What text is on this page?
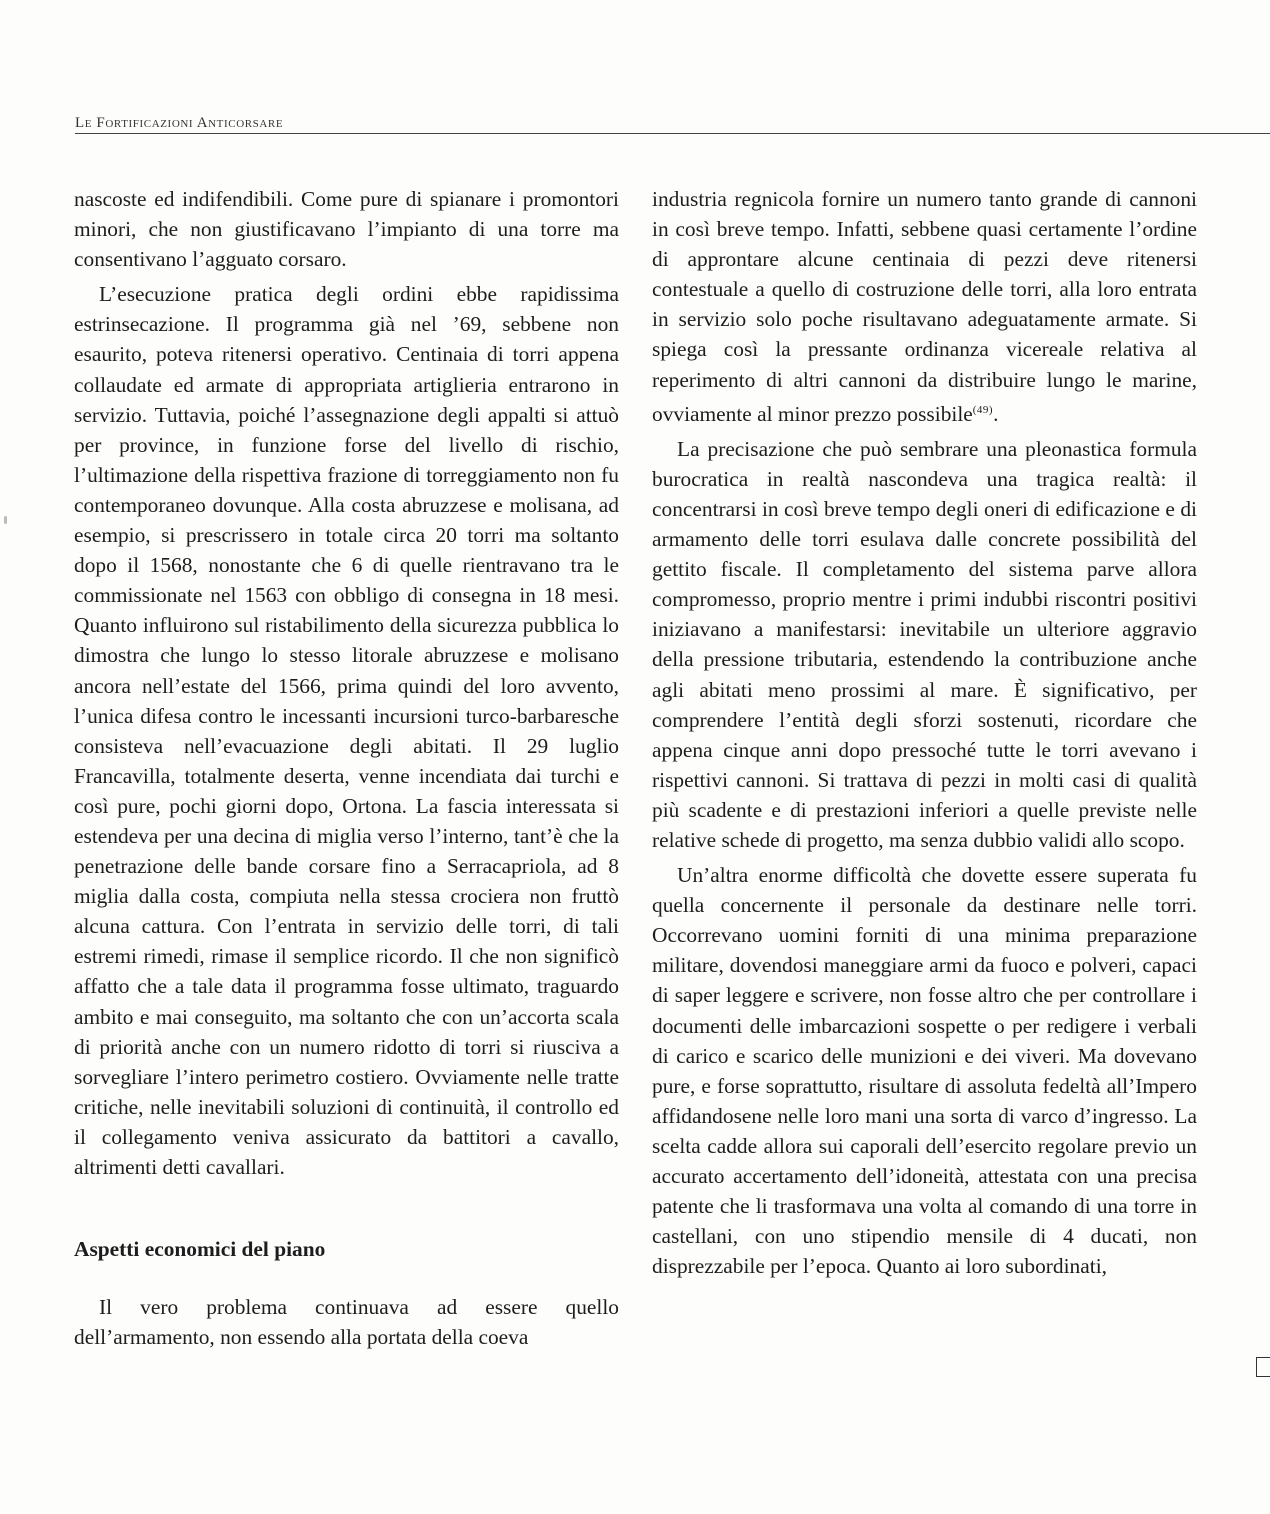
Le Fortificazioni Anticorsare

nascoste ed indifendibili. Come pure di spianare i promontori minori, che non giustificavano l’impianto di una torre ma consentivano l’agguato corsaro.

L’esecuzione pratica degli ordini ebbe rapidissima estrinsecazione. Il programma già nel ’69, sebbene non esaurito, poteva ritenersi operativo. Centinaia di torri appena collaudate ed armate di appropriata artiglieria entrarono in servizio. Tuttavia, poiché l’assegnazione degli appalti si attuò per province, in funzione forse del livello di rischio, l’ultimazione della rispettiva frazione di torreggiamento non fu contemporaneo dovunque. Alla costa abruzzese e molisana, ad esempio, si prescrissero in totale circa 20 torri ma soltanto dopo il 1568, nonostante che 6 di quelle rientravano tra le commissionate nel 1563 con obbligo di consegna in 18 mesi. Quanto influirono sul ristabilimento della sicurezza pubblica lo dimostra che lungo lo stesso litorale abruzzese e molisano ancora nell’estate del 1566, prima quindi del loro avvento, l’unica difesa contro le incessanti incursioni turco-barbaresche consisteva nell’evacuazione degli abitati. Il 29 luglio Francavilla, totalmente deserta, venne incendiata dai turchi e così pure, pochi giorni dopo, Ortona. La fascia interessata si estendeva per una decina di miglia verso l’interno, tant’è che la penetrazione delle bande corsare fino a Serracapriola, ad 8 miglia dalla costa, compiuta nella stessa crociera non fruttò alcuna cattura. Con l’entrata in servizio delle torri, di tali estremi rimedi, rimase il semplice ricordo. Il che non significò affatto che a tale data il programma fosse ultimato, traguardo ambito e mai conseguito, ma soltanto che con un’accorta scala di priorità anche con un numero ridotto di torri si riusciva a sorvegliare l’intero perimetro costiero. Ovviamente nelle tratte critiche, nelle inevitabili soluzioni di continuità, il controllo ed il collegamento veniva assicurato da battitori a cavallo, altrimenti detti cavallari.

Aspetti economici del piano

Il vero problema continuava ad essere quello dell’armamento, non essendo alla portata della coeva

industria regnicola fornire un numero tanto grande di cannoni in così breve tempo. Infatti, sebbene quasi certamente l’ordine di approntare alcune centinaia di pezzi deve ritenersi contestuale a quello di costruzione delle torri, alla loro entrata in servizio solo poche risultavano adeguatamente armate. Si spiega così la pressante ordinanza vicereale relativa al reperimento di altri cannoni da distribuire lungo le marine, ovviamente al minor prezzo possibile$^{(49)}$.

La precisazione che può sembrare una pleonastica formula burocratica in realtà nascondeva una tragica realtà: il concentrarsi in così breve tempo degli oneri di edificazione e di armamento delle torri esulava dalle concrete possibilità del gettito fiscale. Il completamento del sistema parve allora compromesso, proprio mentre i primi indubbi riscontri positivi iniziavano a manifestarsi: inevitabile un ulteriore aggravio della pressione tributaria, estendendo la contribuzione anche agli abitati meno prossimi al mare. È significativo, per comprendere l’entità degli sforzi sostenuti, ricordare che appena cinque anni dopo pressoché tutte le torri avevano i rispettivi cannoni. Si trattava di pezzi in molti casi di qualità più scadente e di prestazioni inferiori a quelle previste nelle relative schede di progetto, ma senza dubbio validi allo scopo.

Un’altra enorme difficoltà che dovette essere superata fu quella concernente il personale da destinare nelle torri. Occorrevano uomini forniti di una minima preparazione militare, dovendosi maneggiare armi da fuoco e polveri, capaci di saper leggere e scrivere, non fosse altro che per controllare i documenti delle imbarcazioni sospette o per redigere i verbali di carico e scarico delle munizioni e dei viveri. Ma dovevano pure, e forse soprattutto, risultare di assoluta fedeltà all’Impero affidandosene nelle loro mani una sorta di varco d’ingresso. La scelta cadde allora sui caporali dell’esercito regolare previo un accurato accertamento dell’idoneità, attestata con una precisa patente che li trasformava una volta al comando di una torre in castellani, con uno stipendio mensile di 4 ducati, non disprezzabile per l’epoca. Quanto ai loro subordinati,
